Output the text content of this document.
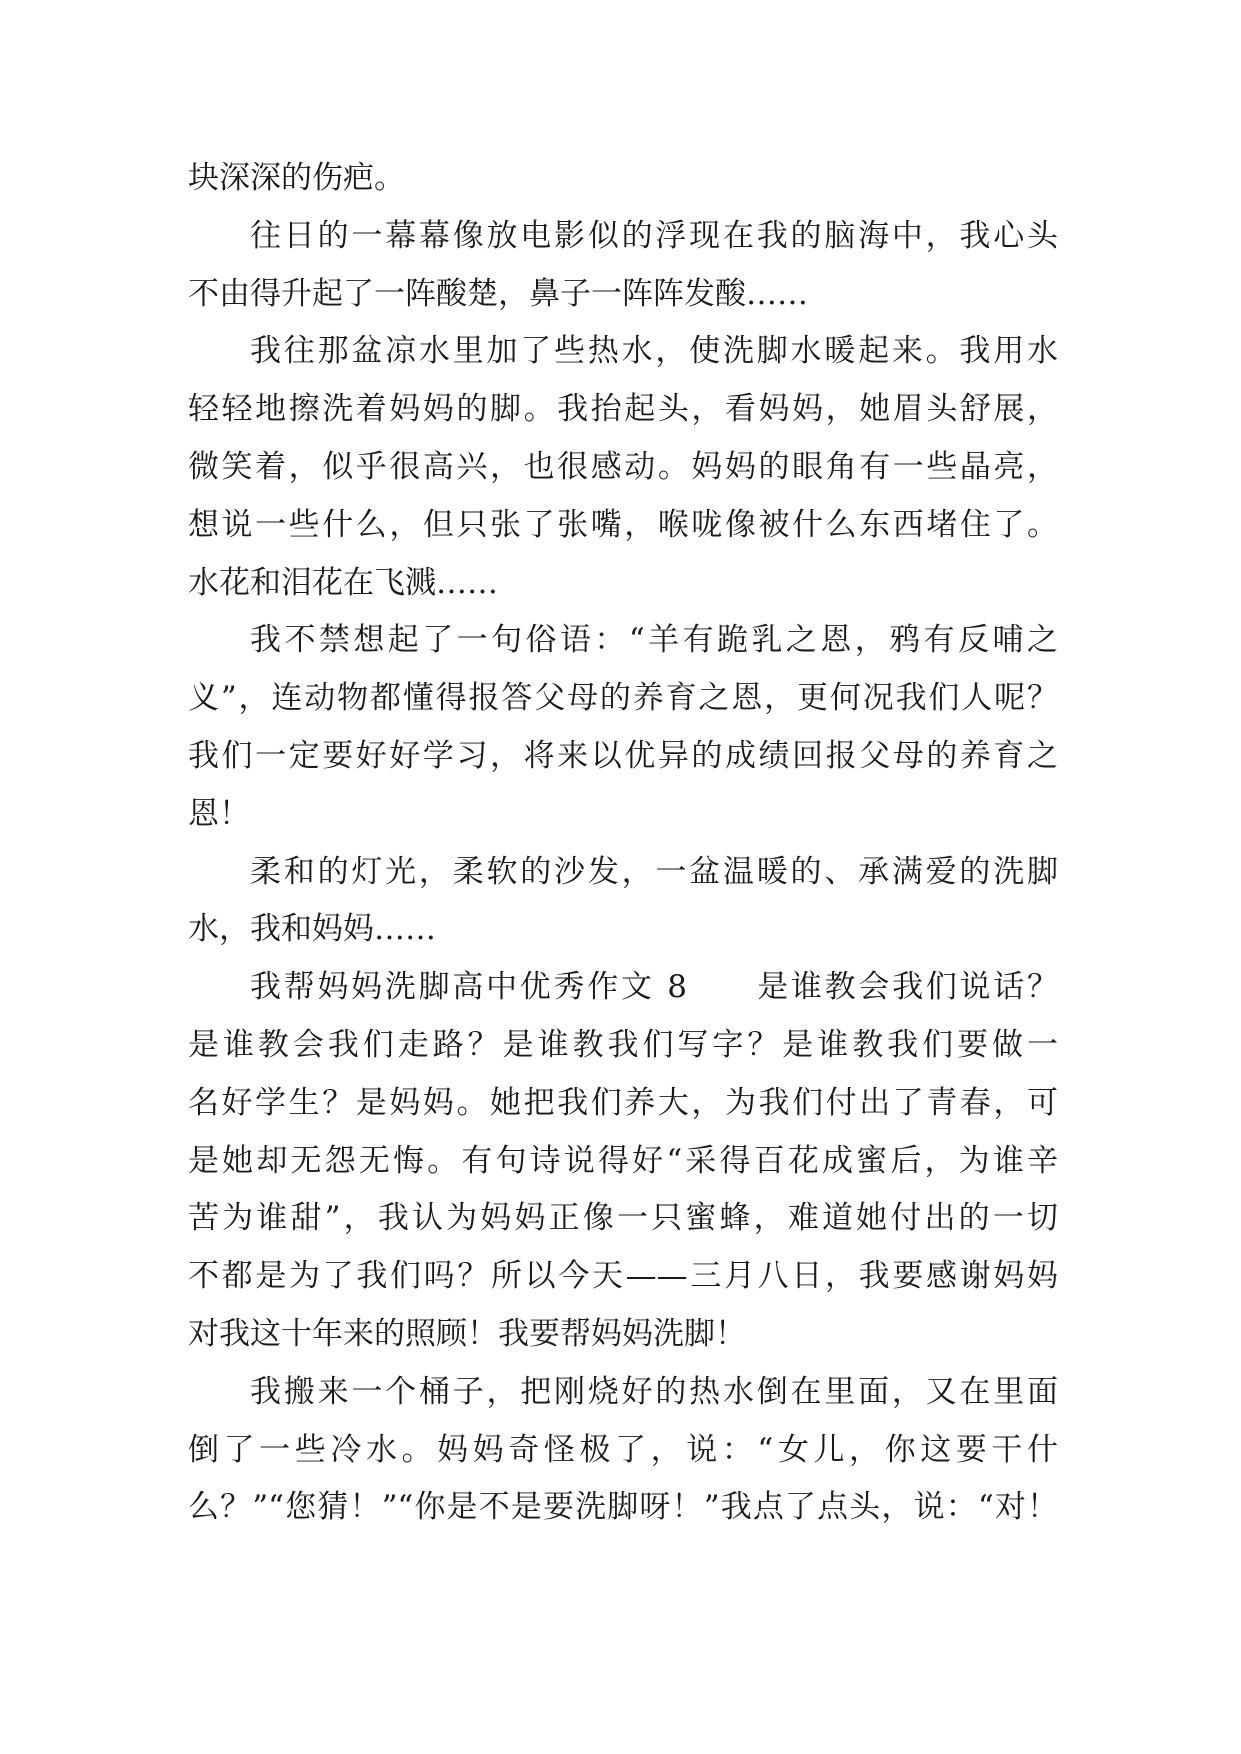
块深深的伤疤。
往日的一幕幕像放电影似的浮现在我的脑海中，我心头
不由得升起了一阵酸楚，鼻子一阵阵发酸……
我往那盆凉水里加了些热水，使洗脚水暖起来。我用水
轻轻地擦洗着妈妈的脚。我抬起头，看妈妈，她眉头舒展，
微笑着，似乎很高兴，也很感动。妈妈的眼角有一些晶亮，
想说一些什么，但只张了张嘴，喉咙像被什么东西堵住了。
水花和泪花在飞溅……
我不禁想起了一句俗语：“羊有跪乳之恩，鸦有反哺之
义”，连动物都懂得报答父母的养育之恩，更何况我们人呢？
我们一定要好好学习，将来以优异的成绩回报父母的养育之
恩！
柔和的灯光，柔软的沙发，一盆温暖的、承满爱的洗脚
水，我和妈妈……
我帮妈妈洗脚高中优秀作文 8　　是谁教会我们说话？
是谁教会我们走路？是谁教我们写字？是谁教我们要做一
名好学生？是妈妈。她把我们养大，为我们付出了青春，可
是她却无怨无悔。有句诗说得好“采得百花成蜜后，为谁辛
苦为谁甜”，我认为妈妈正像一只蜜蜂，难道她付出的一切
不都是为了我们吗？所以今天——三月八日，我要感谢妈妈
对我这十年来的照顾！我要帮妈妈洗脚！
我搬来一个桶子，把刚烧好的热水倒在里面，又在里面
倒了一些冷水。妈妈奇怪极了，说：“女儿，你这要干什
么？”“您猜！”“你是不是要洗脚呀！”我点了点头，说：“对！
